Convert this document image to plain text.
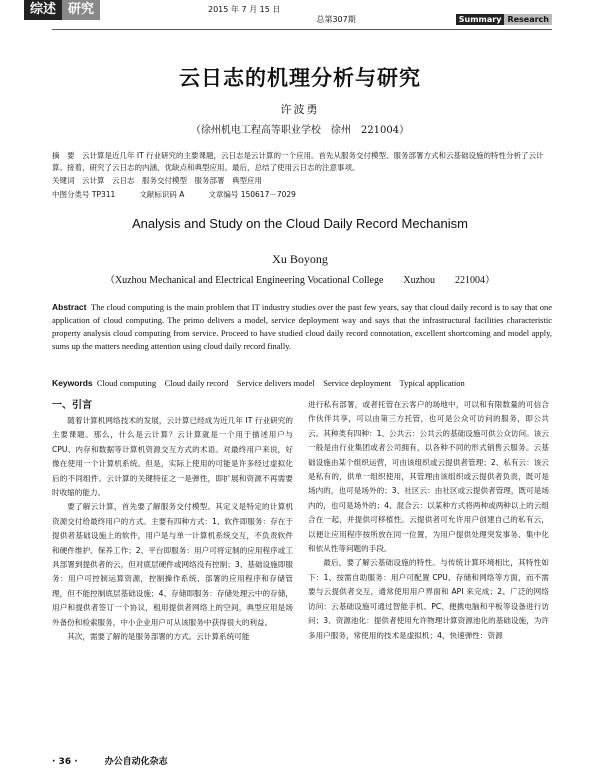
综述 研究	2015 年 7 月 15 日
总第307期	Summary Research
云日志的机理分析与研究
许波勇
（徐州机电工程高等职业学校　徐州　221004）
摘　要　云计算是近几年 IT 行业研究的主要课题，云日志是云计算的一个应用。首先从服务交付模型、服务部署方式和云基础设施的特性分析了云计算。接着，研究了云日志的内涵、优缺点和典型应用。最后，总结了使用云日志的注意事项。
关键词　云计算　云日志　服务交付模型　服务部署　典型应用
中图分类号 TP311	文献标识码 A	文章编号 150617－7029
Analysis and Study on the Cloud Daily Record Mechanism
Xu Boyong
（Xuzhou Mechanical and Electrical Engineering Vocational College　　Xuzhou　　221004）
Abstract The cloud computing is the main problem that IT industry studies over the past few years, say that cloud daily record is to say that one application of cloud computing. The primo delivers a model, service deployment way and says that the infrastructural facilities characteristic property analysis cloud computing from service. Proceed to have studied cloud daily record connotation, excellent shortcoming and model apply, sums up the matters needing attention using cloud daily record finally.
Keywords Cloud computing　Cloud daily record　Service delivers model　Service deployment　Typical application
一、引言

随着计算机网络技术的发展，云计算已经成为近几年 IT 行业研究的主要课题。那么，什么是云计算？云计算就是一个用于描述用户与 CPU、内存和数据等计算机资源交互方式的术语。对最终用户来说，好像在使用一个计算机系统。但是，实际上使用的可能是许多经过虚拟化后的不同组件。云计算的关键特征之一是弹性，即扩展和资源不再需要时收缩的能力。

要了解云计算，首先要了解服务交付模型。其定义是特定的计算机资源交付给最终用户的方式。主要有四种方式：1、软件即服务：存在于提供者基础设施上的软件，用户是与单一计算机系统交互，不负责软件和硬件维护、保养工作；2、平台即服务：用户可将定制的应用程序或工具部署到提供者的云，但对底层硬件或网络没有控制；3、基础设施即服务：用户可控制运算资源，控制操作系统、部署的应用程序和存储管理，但不能控制底层基础设施；4、存储即服务：存储处理云中的存储，用户和提供者签订一个协议，租用提供者网络上的空间，典型应用是场外备份和检索服务，中小企业用户可从该服务中获得很大的利益。

其次，需要了解的是服务部署的方式。云计算系统可能

进行私有部署，或者托管在云客户的场地中，可以和有限数量的可信合作伙伴共享，可以由第三方托管，也可是公众可访问的服务，即公共云。其种类有四种：1、公共云：公共云的基础设施可供公众访问。该云一般是由行业集团或者公司拥有，以各种不同的形式销售云服务。云基础设施由某个组织运营，可由该组织或云提供者管理；2、私有云：该云是私有的，供单一组织使用，其管理由该组织或云提供者负责，既可是场内的，也可是场外的；3、社区云：由社区或云提供者管理，既可是场内的，也可是场外的；4、混合云：以某种方式将两种或两种以上的云组合在一起，并提供可移植性。云提供者可允许用户创建自己的私有云，以便让应用程序按所放在同一位置，为用户提供处理突发事务、集中化和依从性等问题的手段。

最后，要了解云基础设施的特性。与传统计算环境相比，其特性如下：1、按需自助服务：用户可配置 CPU、存储和网络等方面，而不需要与云提供者交互，通常使用用户界面和 API 来完成；2、广泛的网络访问：云基础设施可通过智能手机、PC、便携电脑和平板等设备进行访问；3、资源池化：提供者使用允许物理计算资源池化的基础设施，为许多用户服务，常使用的技术是虚拟机；4、快速弹性：资源

· 36 ·　　　办公自动化杂志
